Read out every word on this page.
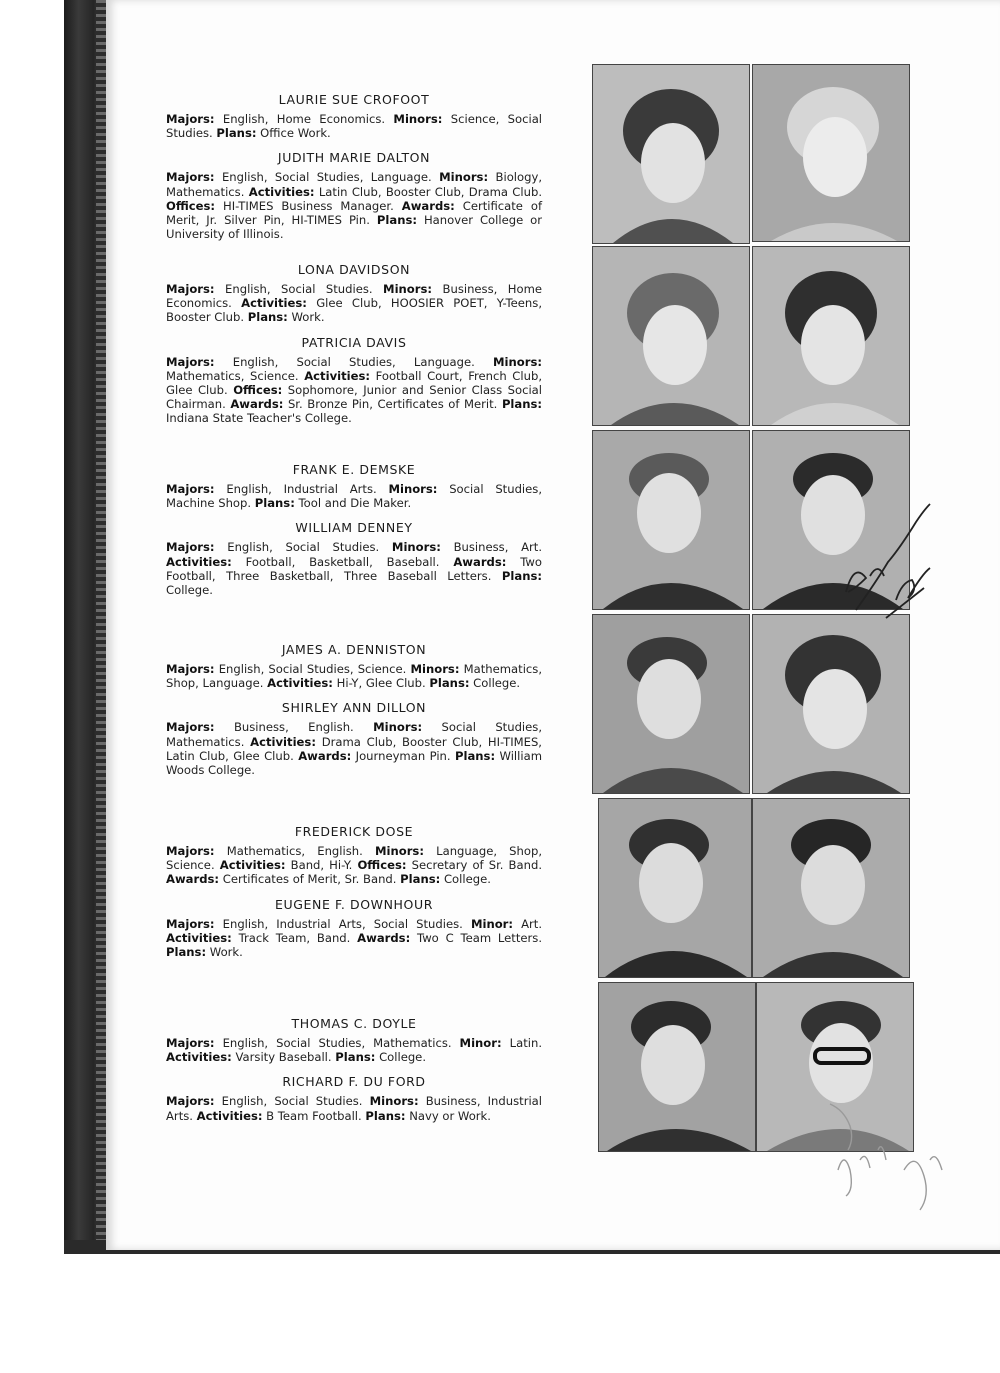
LAURIE SUE CROFOOT
Majors: English, Home Economics. Minors: Science, Social Studies. Plans: Office Work.
JUDITH MARIE DALTON
Majors: English, Social Studies, Language. Minors: Biology, Mathematics. Activities: Latin Club, Booster Club, Drama Club. Offices: HI-TIMES Business Manager. Awards: Certificate of Merit, Jr. Silver Pin, HI-TIMES Pin. Plans: Hanover College or University of Illinois.
LONA DAVIDSON
Majors: English, Social Studies. Minors: Business, Home Economics. Activities: Glee Club, HOOSIER POET, Y-Teens, Booster Club. Plans: Work.
PATRICIA DAVIS
Majors: English, Social Studies, Language. Minors: Mathematics, Science. Activities: Football Court, French Club, Glee Club. Offices: Sophomore, Junior and Senior Class Social Chairman. Awards: Sr. Bronze Pin, Certificates of Merit. Plans: Indiana State Teacher's College.
FRANK E. DEMSKE
Majors: English, Industrial Arts. Minors: Social Studies, Machine Shop. Plans: Tool and Die Maker.
WILLIAM DENNEY
Majors: English, Social Studies. Minors: Business, Art. Activities: Football, Basketball, Baseball. Awards: Two Football, Three Basketball, Three Baseball Letters. Plans: College.
JAMES A. DENNISTON
Majors: English, Social Studies, Science. Minors: Mathematics, Shop, Language. Activities: Hi-Y, Glee Club. Plans: College.
SHIRLEY ANN DILLON
Majors: Business, English. Minors: Social Studies, Mathematics. Activities: Drama Club, Booster Club, HI-TIMES, Latin Club, Glee Club. Awards: Journeyman Pin. Plans: William Woods College.
FREDERICK DOSE
Majors: Mathematics, English. Minors: Language, Shop, Science. Activities: Band, Hi-Y. Offices: Secretary of Sr. Band. Awards: Certificates of Merit, Sr. Band. Plans: College.
EUGENE F. DOWNHOUR
Majors: English, Industrial Arts, Social Studies. Minor: Art. Activities: Track Team, Band. Awards: Two C Team Letters. Plans: Work.
THOMAS C. DOYLE
Majors: English, Social Studies, Mathematics. Minor: Latin. Activities: Varsity Baseball. Plans: College.
RICHARD F. DU FORD
Majors: English, Social Studies. Minors: Business, Industrial Arts. Activities: B Team Football. Plans: Navy or Work.
